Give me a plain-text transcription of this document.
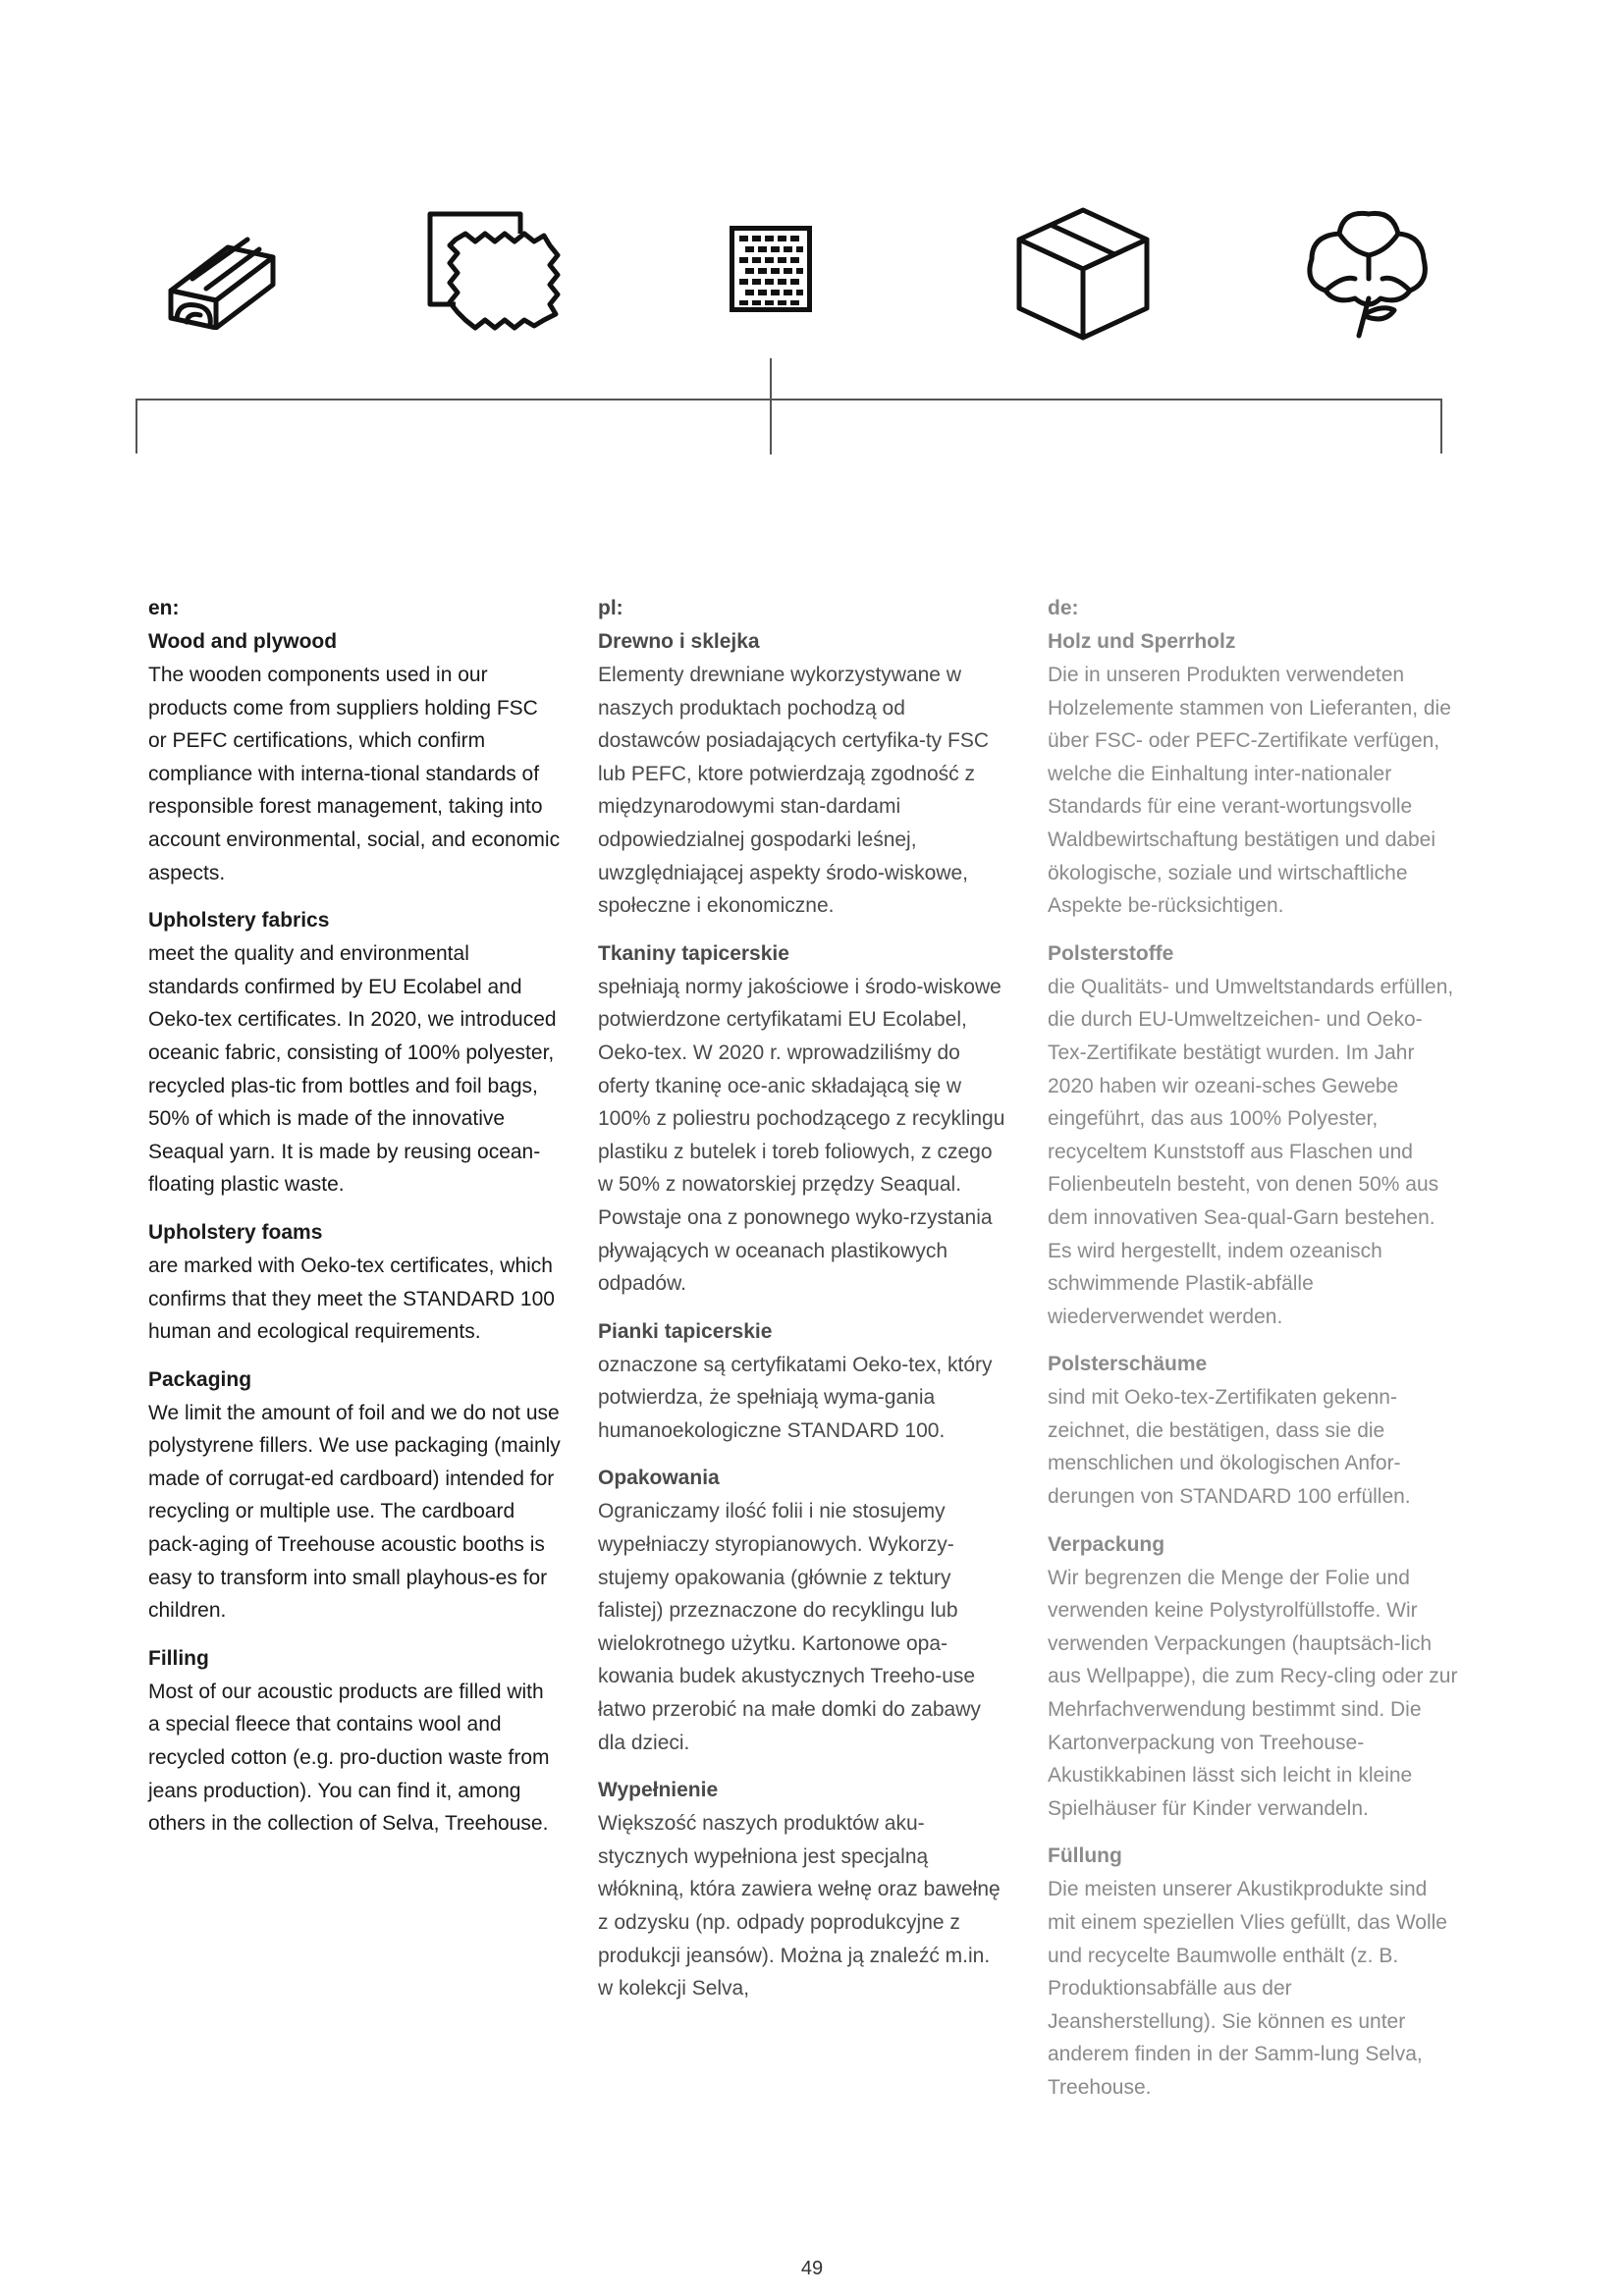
en:

Wood and plywood

The wooden components used in our products come from suppliers holding FSC or PEFC certifications, which confirm compliance with interna-tional standards of responsible forest management, taking into account environmental, social, and economic aspects.

Upholstery fabrics

meet the quality and environmental standards confirmed by EU Ecolabel and Oeko-tex certificates. In 2020, we introduced oceanic fabric, consisting of 100% polyester, recycled plas-tic from bottles and foil bags, 50% of which is made of the innovative Seaqual yarn. It is made by reusing ocean-floating plastic waste.

Upholstery foams

are marked with Oeko-tex certificates, which confirms that they meet the STANDARD 100 human and ecological requirements.

Packaging

We limit the amount of foil and we do not use polystyrene fillers. We use packaging (mainly made of corrugat-ed cardboard) intended for recycling or multiple use. The cardboard pack-aging of Treehouse acoustic booths is easy to transform into small playhous-es for children.

Filling

Most of our acoustic products are filled with a special fleece that contains wool and recycled cotton (e.g. pro-duction waste from jeans production). You can find it, among others in the collection of Selva, Treehouse.

pl:

Drewno i sklejka

Elementy drewniane wykorzystywane w naszych produktach pochodzą od dostawców posiadających certyfika-ty FSC lub PEFC, ktore potwierdzają zgodność z międzynarodowymi stan-dardami odpowiedzialnej gospodarki leśnej, uwzględniającej aspekty środo-wiskowe, społeczne i ekonomiczne.

Tkaniny tapicerskie

spełniają normy jakościowe i środo-wiskowe potwierdzone certyfikatami EU Ecolabel, Oeko-tex. W 2020 r. wprowadziliśmy do oferty tkaninę oce-anic składającą się w 100% z poliestru pochodzącego z recyklingu plastiku z butelek i toreb foliowych, z czego w 50% z nowatorskiej przędzy Seaqual. Powstaje ona z ponownego wyko-rzystania pływających w oceanach plastikowych odpadów.

Pianki tapicerskie

oznaczone są certyfikatami Oeko-tex, który potwierdza, że spełniają wyma-gania humanoekologiczne STANDARD 100.

Opakowania

Ograniczamy ilość folii i nie stosujemy wypełniaczy styropianowych. Wykorzy-stujemy opakowania (głównie z tektury falistej) przeznaczone do recyklingu lub wielokrotnego użytku. Kartonowe opa-kowania budek akustycznych Treeho-use łatwo przerobić na małe domki do zabawy dla dzieci.

Wypełnienie

Większość naszych produktów aku-stycznych wypełniona jest specjalną włókniną, która zawiera wełnę oraz bawełnę z odzysku (np. odpady poprodukcyjne z produkcji jeansów). Można ją znaleźć m.in. w kolekcji Selva,

de:

Holz und Sperrholz

Die in unseren Produkten verwendeten Holzelemente stammen von Lieferanten, die über FSC- oder PEFC-Zertifikate verfügen, welche die Einhaltung inter-nationaler Standards für eine verant-wortungsvolle Waldbewirtschaftung bestätigen und dabei ökologische, soziale und wirtschaftliche Aspekte be-rücksichtigen.

Polsterstoffe

die Qualitäts- und Umweltstandards erfüllen, die durch EU-Umweltzeichen- und Oeko-Tex-Zertifikate bestätigt wurden. Im Jahr 2020 haben wir ozeani-sches Gewebe eingeführt, das aus 100% Polyester, recyceltem Kunststoff aus Flaschen und Folienbeuteln besteht, von denen 50% aus dem innovativen Sea-qual-Garn bestehen. Es wird hergestellt, indem ozeanisch schwimmende Plastik-abfälle wiederverwendet werden.

Polsterschäume

sind mit Oeko-tex-Zertifikaten gekenn-zeichnet, die bestätigen, dass sie die menschlichen und ökologischen Anfor-derungen von STANDARD 100 erfüllen.

Verpackung

Wir begrenzen die Menge der Folie und verwenden keine Polystyrolfüllstoffe. Wir verwenden Verpackungen (hauptsäch-lich aus Wellpappe), die zum Recy-cling oder zur Mehrfachverwendung bestimmt sind. Die Kartonverpackung von Treehouse-Akustikkabinen lässt sich leicht in kleine Spielhäuser für Kinder verwandeln.

Füllung

Die meisten unserer Akustikprodukte sind mit einem speziellen Vlies gefüllt, das Wolle und recycelte Baumwolle enthält (z. B. Produktionsabfälle aus der Jeansherstellung). Sie können es unter anderem finden in der Samm-lung Selva, Treehouse.

49
